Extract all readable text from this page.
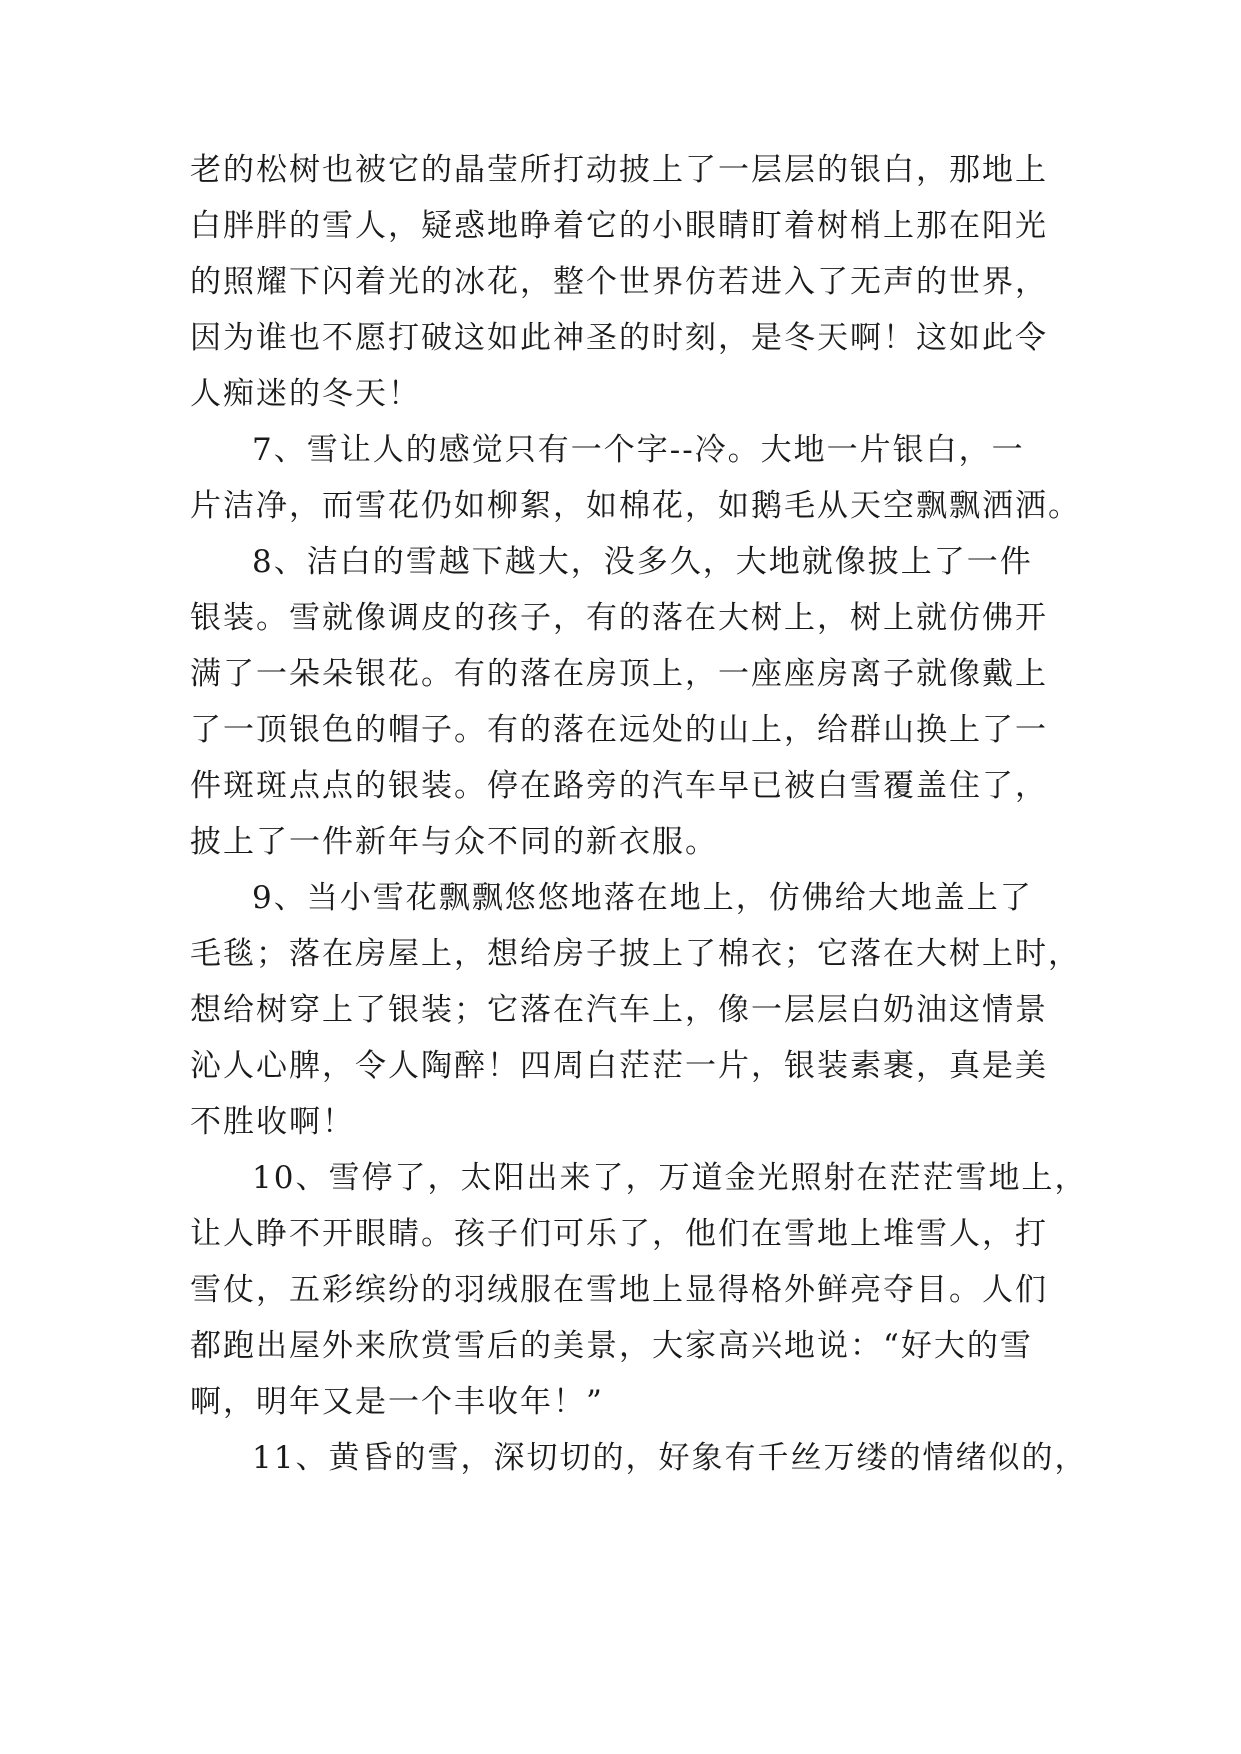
老的松树也被它的晶莹所打动披上了一层层的银白，那地上
白胖胖的雪人，疑惑地睁着它的小眼睛盯着树梢上那在阳光
的照耀下闪着光的冰花，整个世界仿若进入了无声的世界，
因为谁也不愿打破这如此神圣的时刻，是冬天啊！这如此令
人痴迷的冬天！
7、雪让人的感觉只有一个字--冷。大地一片银白，一
片洁净，而雪花仍如柳絮，如棉花，如鹅毛从天空飘飘洒洒。
8、洁白的雪越下越大，没多久，大地就像披上了一件
银装。雪就像调皮的孩子，有的落在大树上，树上就仿佛开
满了一朵朵银花。有的落在房顶上，一座座房离子就像戴上
了一顶银色的帽子。有的落在远处的山上，给群山换上了一
件斑斑点点的银装。停在路旁的汽车早已被白雪覆盖住了，
披上了一件新年与众不同的新衣服。
9、当小雪花飘飘悠悠地落在地上，仿佛给大地盖上了
毛毯；落在房屋上，想给房子披上了棉衣；它落在大树上时，
想给树穿上了银装；它落在汽车上，像一层层白奶油这情景
沁人心脾，令人陶醉！四周白茫茫一片，银装素裹，真是美
不胜收啊！
10、雪停了，太阳出来了，万道金光照射在茫茫雪地上，
让人睁不开眼睛。孩子们可乐了，他们在雪地上堆雪人，打
雪仗，五彩缤纷的羽绒服在雪地上显得格外鲜亮夺目。人们
都跑出屋外来欣赏雪后的美景，大家高兴地说：“好大的雪
啊，明年又是一个丰收年！”
11、黄昏的雪，深切切的，好象有千丝万缕的情绪似的，
